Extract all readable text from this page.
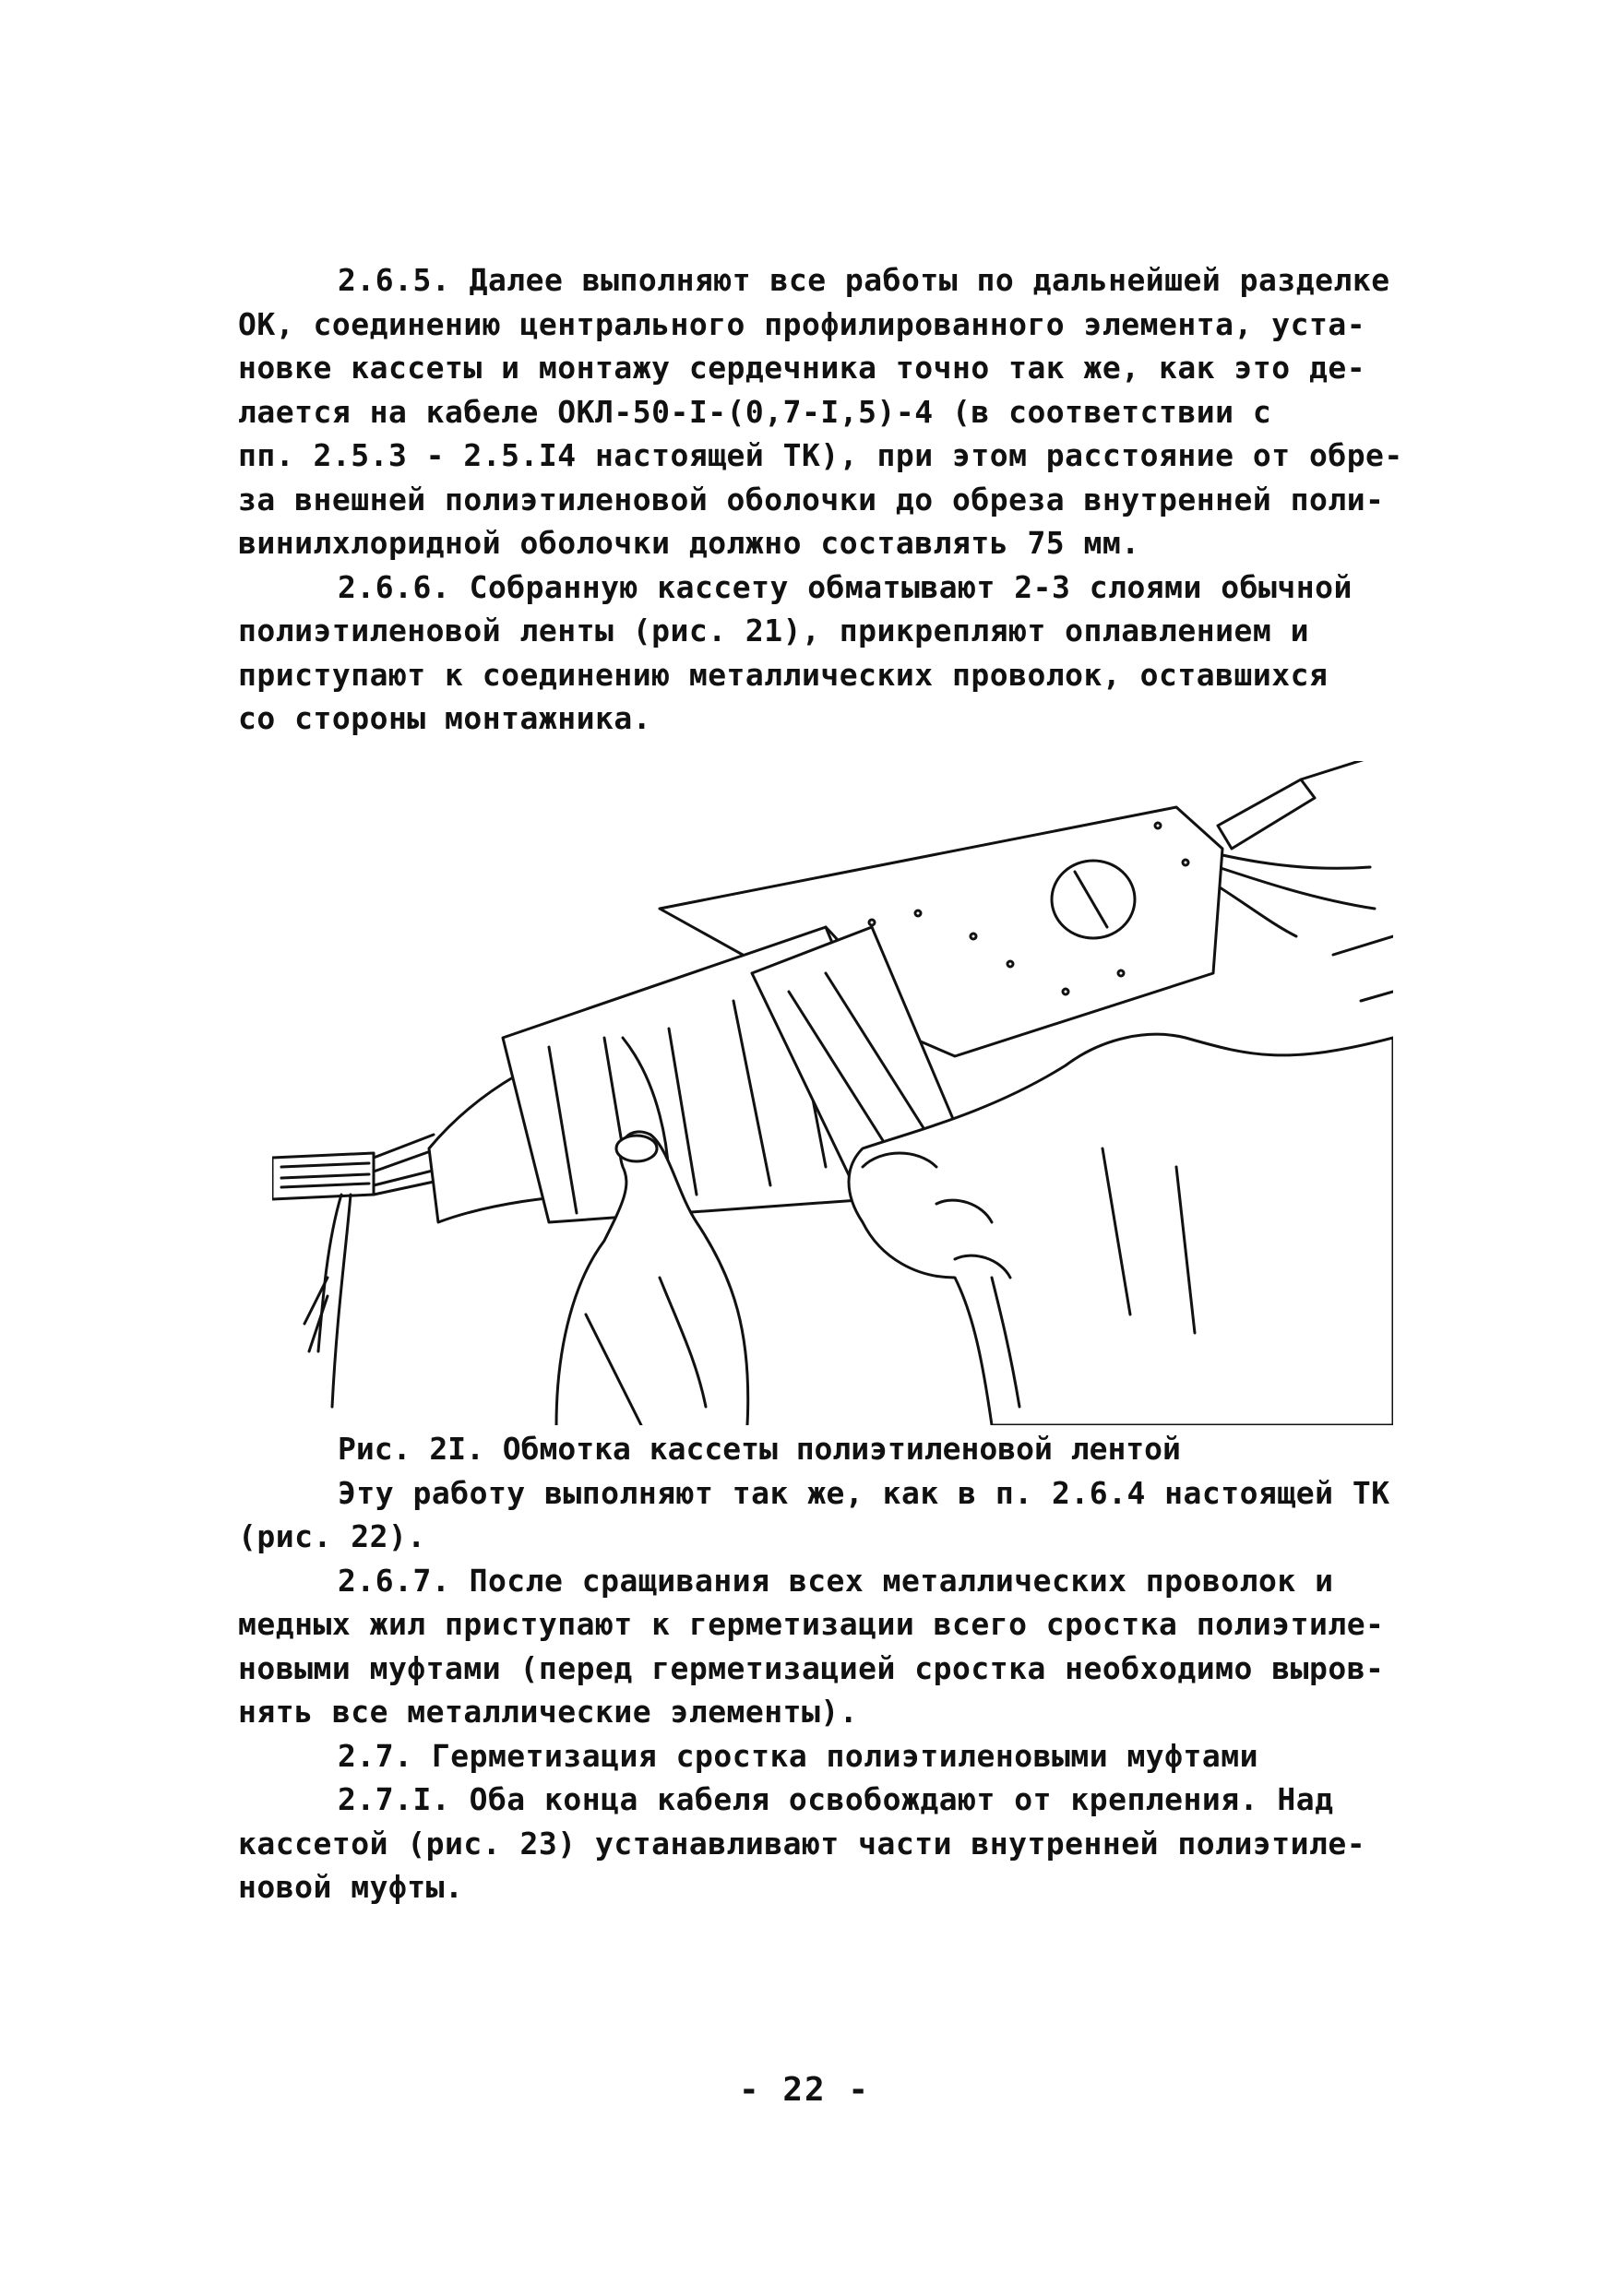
2.6.5. Далее выполняют все работы по дальнейшей разделке
ОК, соединению центрального профилированного элемента, уста-
новке кассеты и монтажу сердечника точно так же, как это де-
лается на кабеле ОКЛ-50-I-(0,7-I,5)-4 (в соответствии с
пп. 2.5.3 - 2.5.I4 настоящей ТК), при этом расстояние от обре-
за внешней полиэтиленовой оболочки до обреза внутренней поли-
винилхлоридной оболочки должно составлять 75 мм.

2.6.6. Собранную кассету обматывают 2-3 слоями обычной
полиэтиленовой ленты (рис. 21), прикрепляют оплавлением и
приступают к соединению металлических проволок, оставшихся
со стороны монтажника.

Рис. 2I. Обмотка кассеты полиэтиленовой лентой

Эту работу выполняют так же, как в п. 2.6.4 настоящей ТК
(рис. 22).

2.6.7. После сращивания всех металлических проволок и
медных жил приступают к герметизации всего сростка полиэтиле-
новыми муфтами (перед герметизацией сростка необходимо выров-
нять все металлические элементы).

2.7. Герметизация сростка полиэтиленовыми муфтами

2.7.I. Оба конца кабеля освобождают от крепления. Над
кассетой (рис. 23) устанавливают части внутренней полиэтиле-
новой муфты.

- 22 -
